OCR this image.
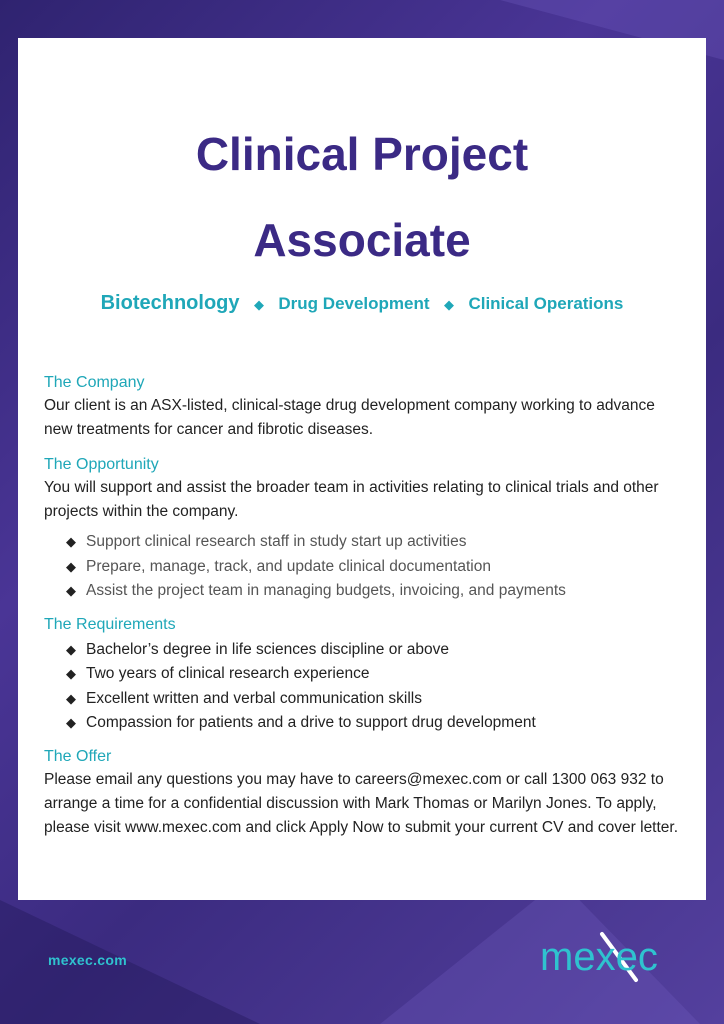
Clinical Project
Associate
Biotechnology ◆ Drug Development ◆ Clinical Operations

The Company

Our client is an ASX-listed, clinical-stage drug development company working to advance new treatments for cancer and fibrotic diseases.

The Opportunity

You will support and assist the broader team in activities relating to clinical trials and other projects within the company.

◆ Support clinical research staff in study start up activities
◆ Prepare, manage, track, and update clinical documentation
◆ Assist the project team in managing budgets, invoicing, and payments

The Requirements

◆ Bachelor’s degree in life sciences discipline or above
◆ Two years of clinical research experience
◆ Excellent written and verbal communication skills
◆ Compassion for patients and a drive to support drug development

The Offer

Please email any questions you may have to careers@mexec.com or call 1300 063 932 to arrange a time for a confidential discussion with Mark Thomas or Marilyn Jones. To apply, please visit www.mexec.com and click Apply Now to submit your current CV and cover letter.

mexec.com	mexec
